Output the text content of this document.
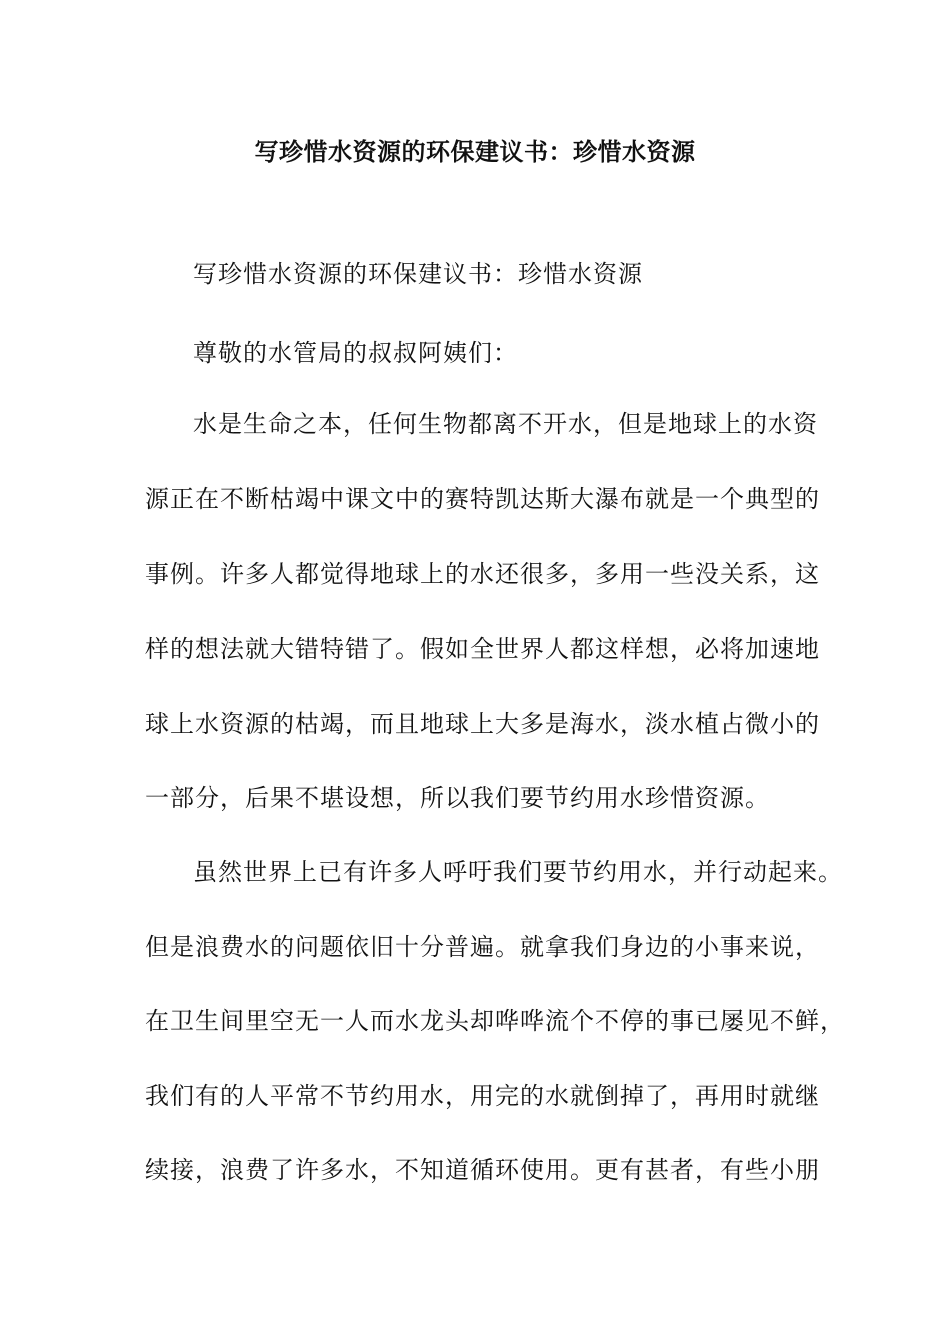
写珍惜水资源的环保建议书：珍惜水资源
写珍惜水资源的环保建议书：珍惜水资源
尊敬的水管局的叔叔阿姨们：
水是生命之本，任何生物都离不开水，但是地球上的水资
源正在不断枯竭中课文中的赛特凯达斯大瀑布就是一个典型的
事例。许多人都觉得地球上的水还很多，多用一些没关系，这
样的想法就大错特错了。假如全世界人都这样想，必将加速地
球上水资源的枯竭，而且地球上大多是海水，淡水植占微小的
一部分，后果不堪设想，所以我们要节约用水珍惜资源。
虽然世界上已有许多人呼吁我们要节约用水，并行动起来。
但是浪费水的问题依旧十分普遍。就拿我们身边的小事来说，
在卫生间里空无一人而水龙头却哗哗流个不停的事已屡见不鲜，
我们有的人平常不节约用水，用完的水就倒掉了，再用时就继
续接，浪费了许多水，不知道循环使用。更有甚者，有些小朋
